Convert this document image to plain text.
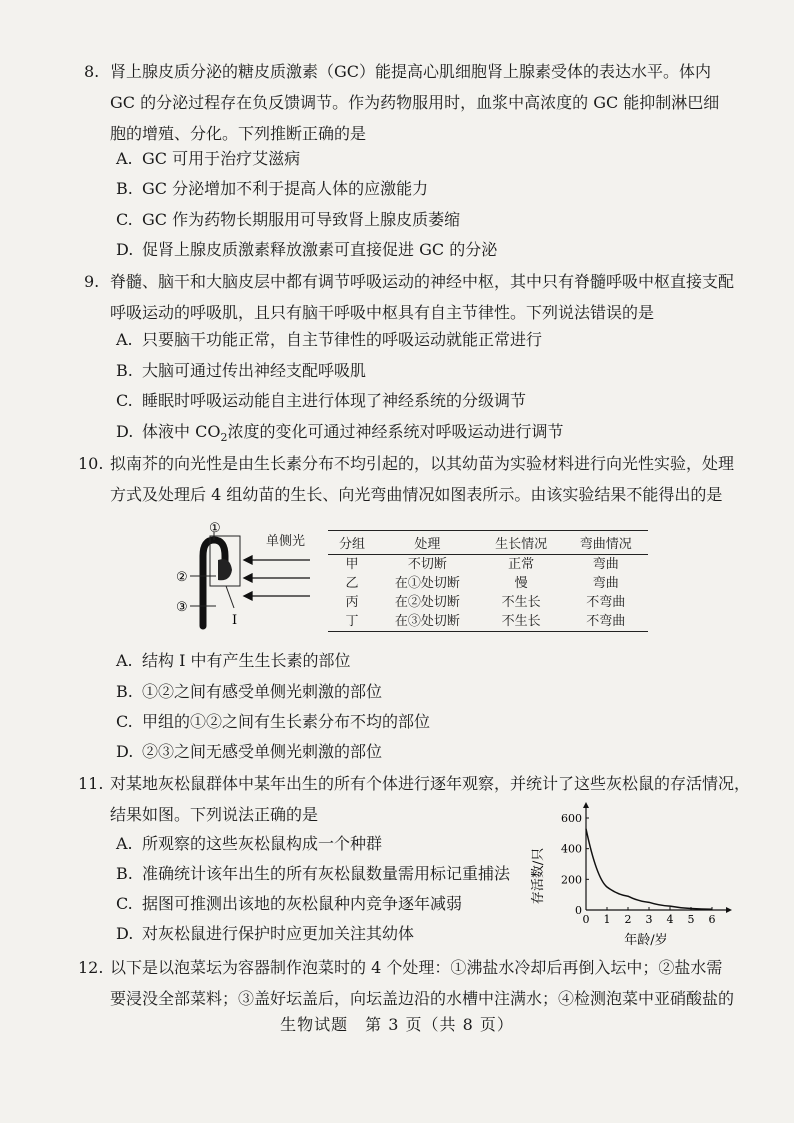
8. 肾上腺皮质分泌的糖皮质激素（GC）能提高心肌细胞肾上腺素受体的表达水平。体内
GC 的分泌过程存在负反馈调节。作为药物服用时，血浆中高浓度的 GC 能抑制淋巴细
胞的增殖、分化。下列推断正确的是
A. GC 可用于治疗艾滋病
B. GC 分泌增加不利于提高人体的应激能力
C. GC 作为药物长期服用可导致肾上腺皮质萎缩
D. 促肾上腺皮质激素释放激素可直接促进 GC 的分泌
9. 脊髓、脑干和大脑皮层中都有调节呼吸运动的神经中枢，其中只有脊髓呼吸中枢直接支配
呼吸运动的呼吸肌，且只有脑干呼吸中枢具有自主节律性。下列说法错误的是
A. 只要脑干功能正常，自主节律性的呼吸运动就能正常进行
B. 大脑可通过传出神经支配呼吸肌
C. 睡眠时呼吸运动能自主进行体现了神经系统的分级调节
D. 体液中 $CO_2$浓度的变化可通过神经系统对呼吸运动进行调节
10. 拟南芥的向光性是由生长素分布不均引起的，以其幼苗为实验材料进行向光性实验，处理
方式及处理后 4 组幼苗的生长、向光弯曲情况如图表所示。由该实验结果不能得出的是
①
②
③
I
单侧光	分组	处理	生长情况	弯曲情况
甲	不切断	正常	弯曲
乙	在①处切断	慢	弯曲
丙	在②处切断	不生长	不弯曲
丁	在③处切断	不生长	不弯曲
A. 结构 I 中有产生生长素的部位
B. ①②之间有感受单侧光刺激的部位
C. 甲组的①②之间有生长素分布不均的部位
D. ②③之间无感受单侧光刺激的部位
11. 对某地灰松鼠群体中某年出生的所有个体进行逐年观察，并统计了这些灰松鼠的存活情况，
结果如图。下列说法正确的是
A. 所观察的这些灰松鼠构成一个种群
B. 准确统计该年出生的所有灰松鼠数量需用标记重捕法
C. 据图可推测出该地的灰松鼠种内竞争逐年减弱
D. 对灰松鼠进行保护时应更加关注其幼体
0 1 2 3 4 5 6
0
200
400
600
存活数/只
年龄/岁
12. 以下是以泡菜坛为容器制作泡菜时的 4 个处理：①沸盐水冷却后再倒入坛中；②盐水需
要浸没全部菜料；③盖好坛盖后，向坛盖边沿的水槽中注满水；④检测泡菜中亚硝酸盐的
生物试题　第 3 页（共 8 页）
